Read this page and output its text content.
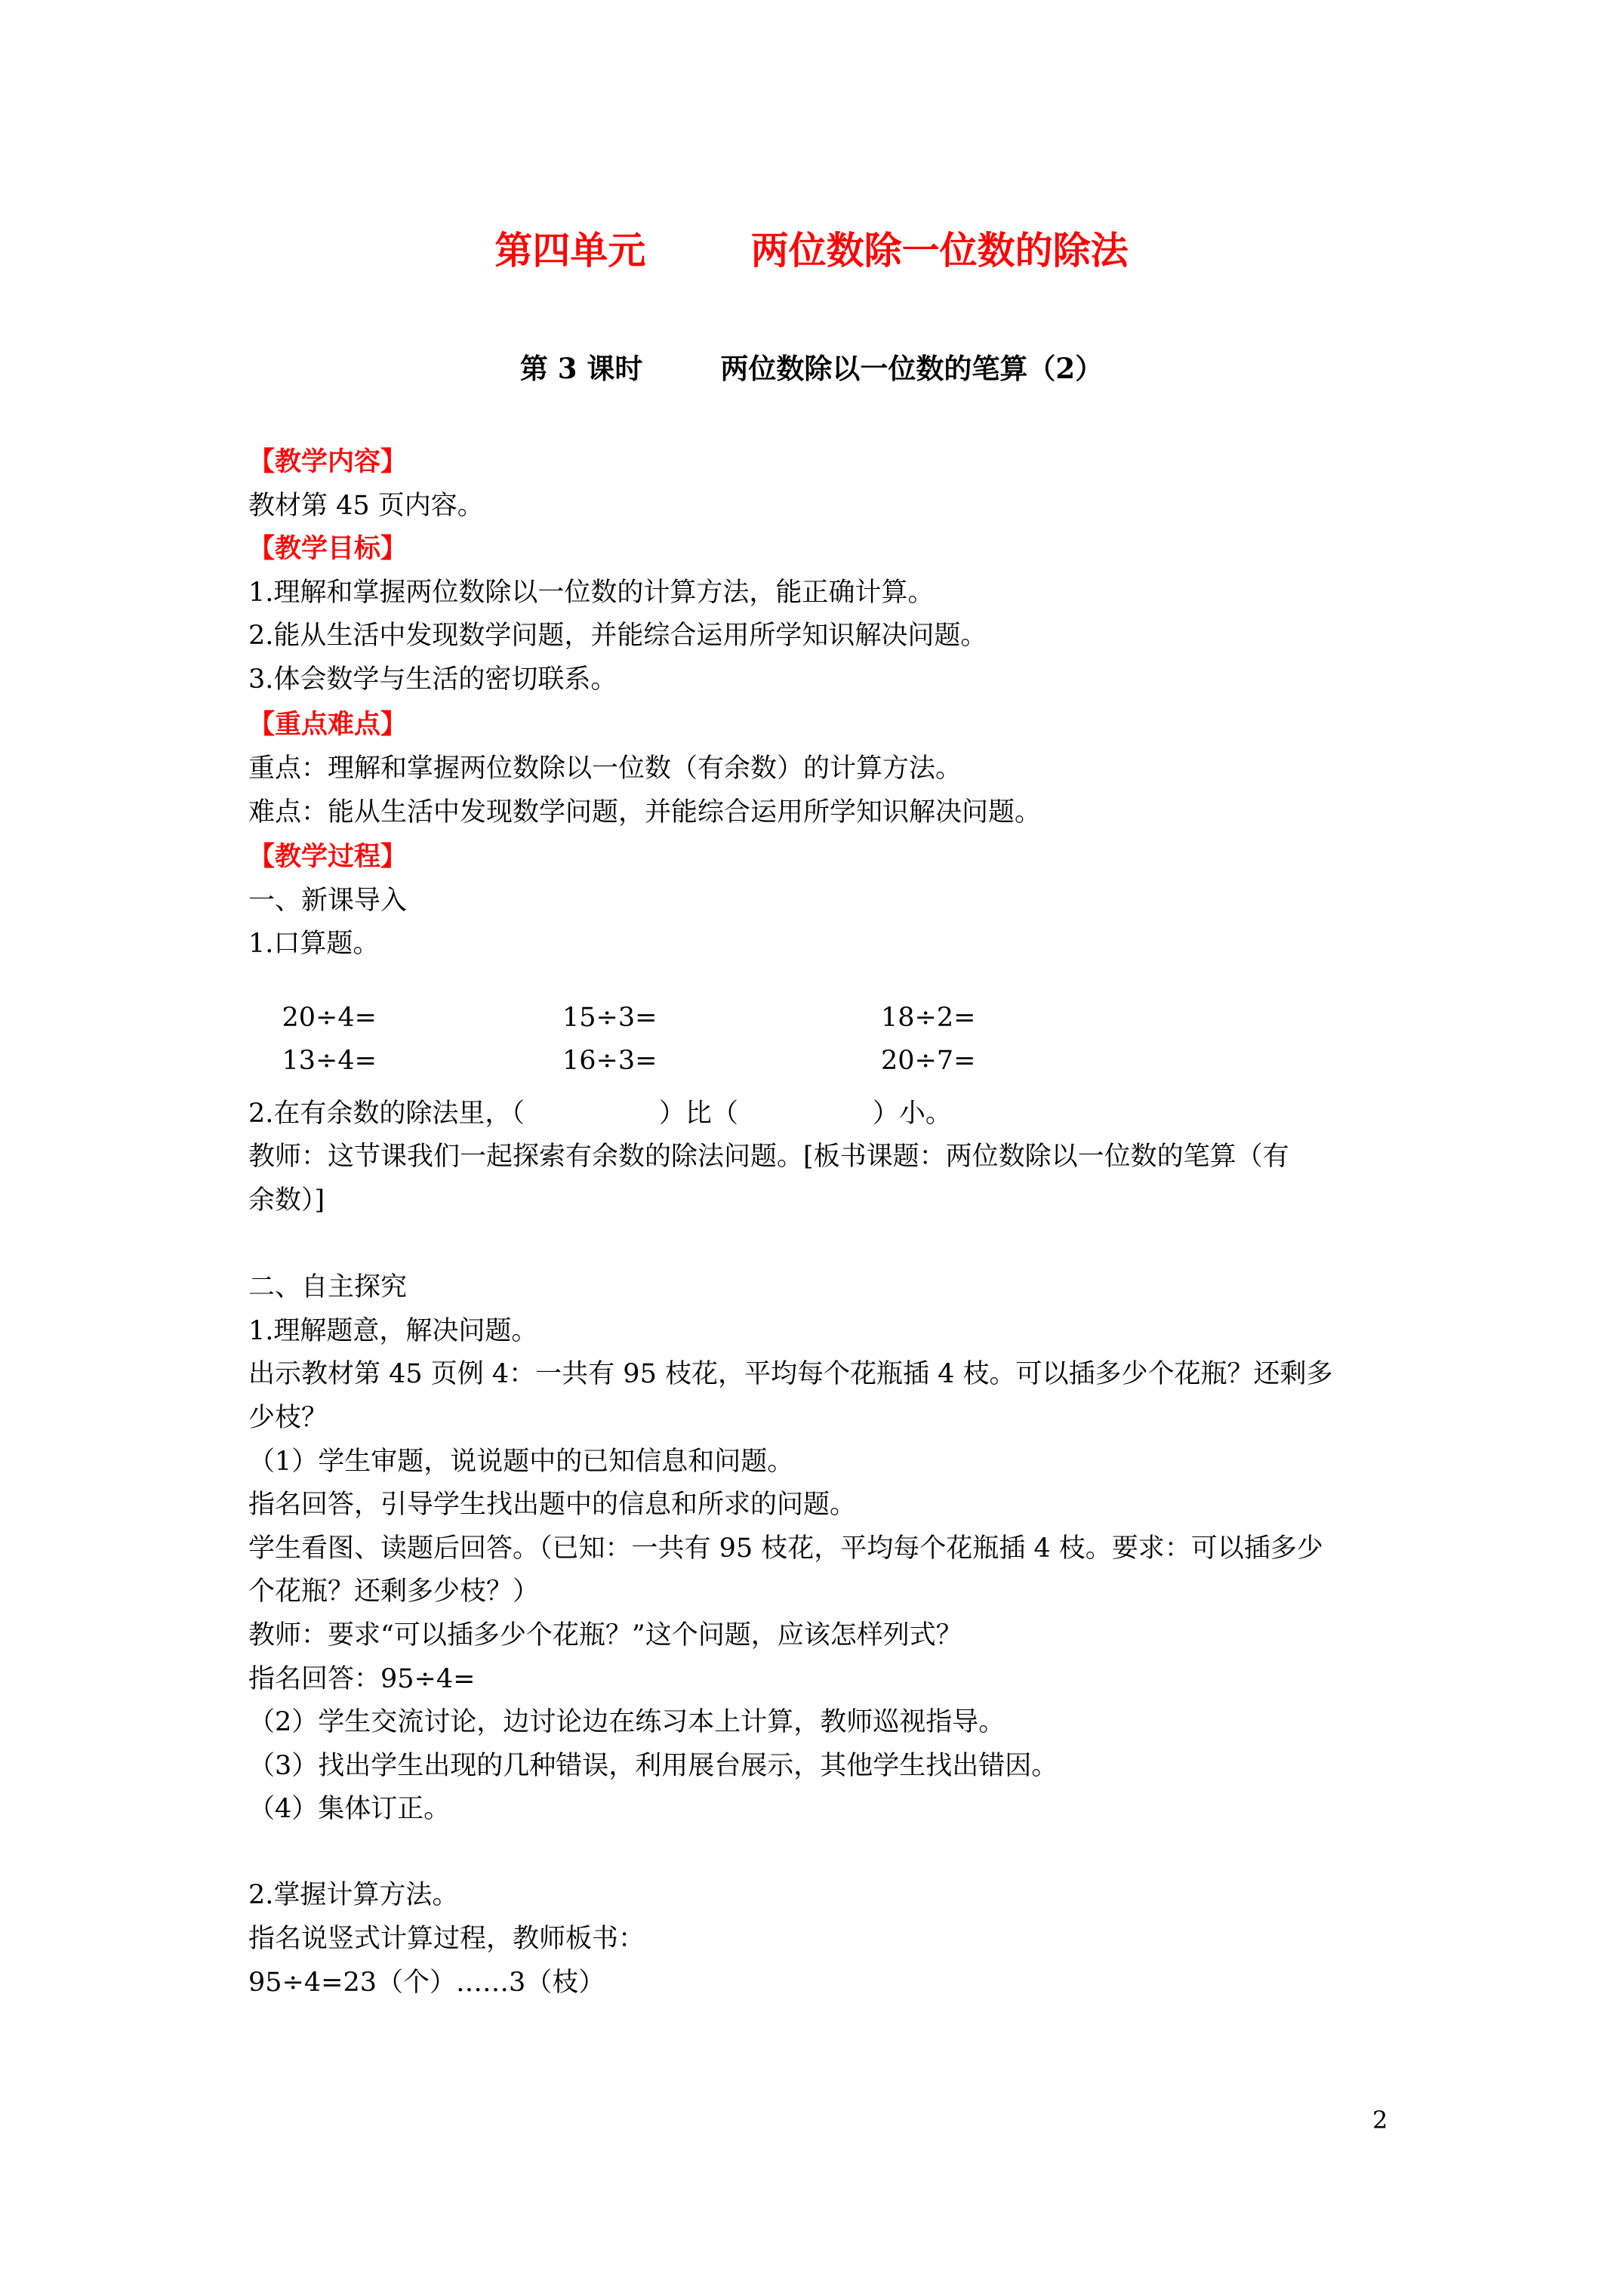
第四单元        两位数除一位数的除法
第 3 课时        两位数除以一位数的笔算（2）
【教学内容】
教材第 45 页内容。
【教学目标】
1.理解和掌握两位数除以一位数的计算方法，能正确计算。
2.能从生活中发现数学问题，并能综合运用所学知识解决问题。
3.体会数学与生活的密切联系。
【重点难点】
重点：理解和掌握两位数除以一位数（有余数）的计算方法。
难点：能从生活中发现数学问题，并能综合运用所学知识解决问题。
【教学过程】
一、新课导入
1.口算题。

20÷4=	15÷3=	18÷2=

13÷4=	16÷3=	20÷7=

2.在有余数的除法里，（                ）比（                ）小。
教师：这节课我们一起探索有余数的除法问题。[板书课题：两位数除以一位数的笔算（有
余数）]
二、自主探究
1.理解题意，解决问题。
出示教材第 45 页例 4：一共有 95 枝花，平均每个花瓶插 4 枝。可以插多少个花瓶？还剩多
少枝？
（1）学生审题，说说题中的已知信息和问题。
指名回答，引导学生找出题中的信息和所求的问题。
学生看图、读题后回答。（已知：一共有 95 枝花，平均每个花瓶插 4 枝。要求：可以插多少
个花瓶？还剩多少枝？）
教师：要求“可以插多少个花瓶？”这个问题，应该怎样列式？
指名回答：95÷4=
（2）学生交流讨论，边讨论边在练习本上计算，教师巡视指导。
（3）找出学生出现的几种错误，利用展台展示，其他学生找出错因。
（4）集体订正。
2.掌握计算方法。
指名说竖式计算过程，教师板书：
95÷4=23（个）……3（枝）
2
